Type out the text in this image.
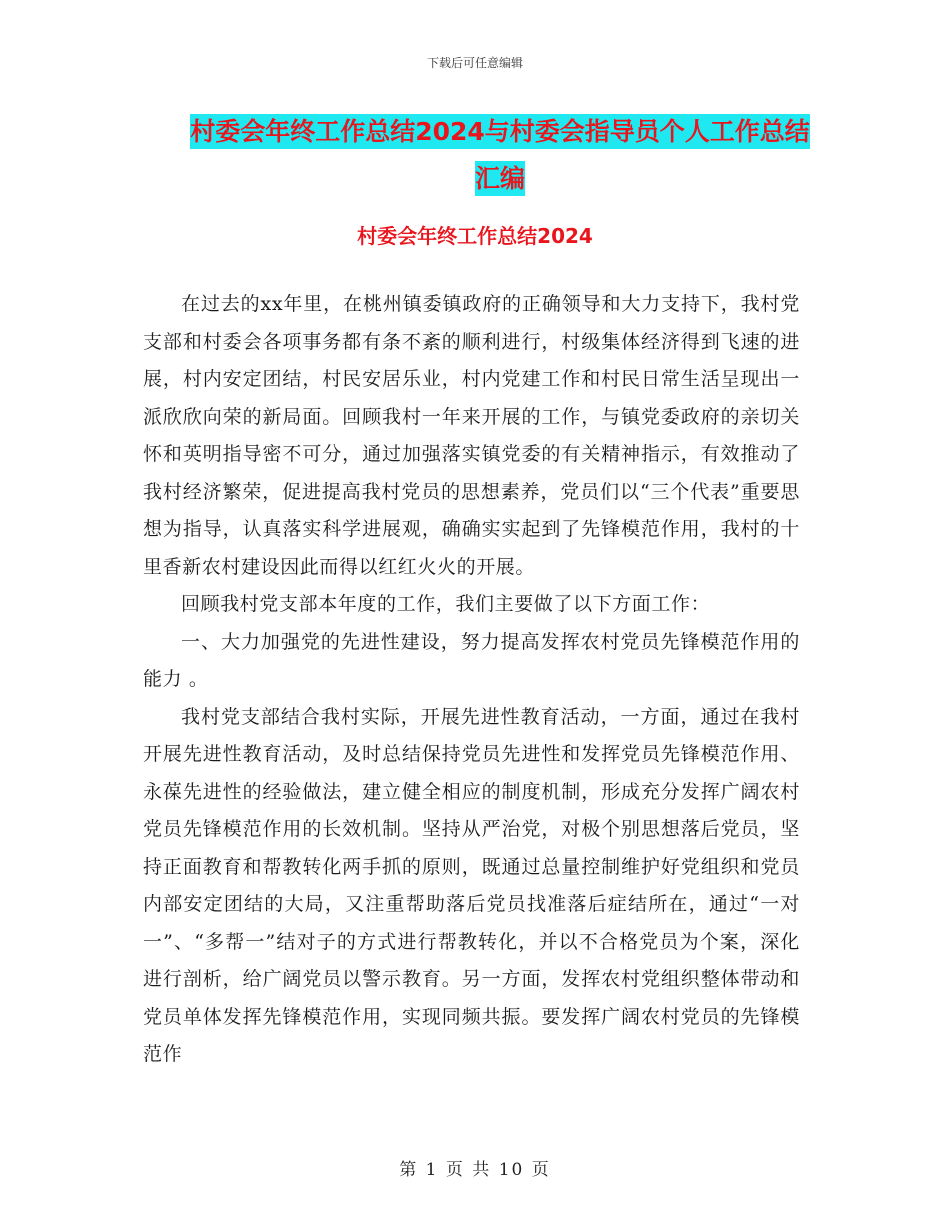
下载后可任意编辑
村委会年终工作总结2024与村委会指导员个人工作总结汇编
村委会年终工作总结2024

在过去的xx年里，在桃州镇委镇政府的正确领导和大力支持下，我村党支部和村委会各项事务都有条不紊的顺利进行，村级集体经济得到飞速的进展，村内安定团结，村民安居乐业，村内党建工作和村民日常生活呈现出一派欣欣向荣的新局面。回顾我村一年来开展的工作，与镇党委政府的亲切关怀和英明指导密不可分，通过加强落实镇党委的有关精神指示，有效推动了我村经济繁荣，促进提高我村党员的思想素养，党员们以“三个代表”重要思想为指导，认真落实科学进展观，确确实实起到了先锋模范作用，我村的十里香新农村建设因此而得以红红火火的开展。

回顾我村党支部本年度的工作，我们主要做了以下方面工作：

一、大力加强党的先进性建设，努力提高发挥农村党员先锋模范作用的能力 。

我村党支部结合我村实际，开展先进性教育活动，一方面，通过在我村开展先进性教育活动，及时总结保持党员先进性和发挥党员先锋模范作用、永葆先进性的经验做法，建立健全相应的制度机制，形成充分发挥广阔农村党员先锋模范作用的长效机制。坚持从严治党，对极个别思想落后党员，坚持正面教育和帮教转化两手抓的原则，既通过总量控制维护好党组织和党员内部安定团结的大局，又注重帮助落后党员找准落后症结所在，通过“一对一”、“多帮一”结对子的方式进行帮教转化，并以不合格党员为个案，深化进行剖析，给广阔党员以警示教育。另一方面，发挥农村党组织整体带动和党员单体发挥先锋模范作用，实现同频共振。要发挥广阔农村党员的先锋模范作

第 1 页 共 10 页
